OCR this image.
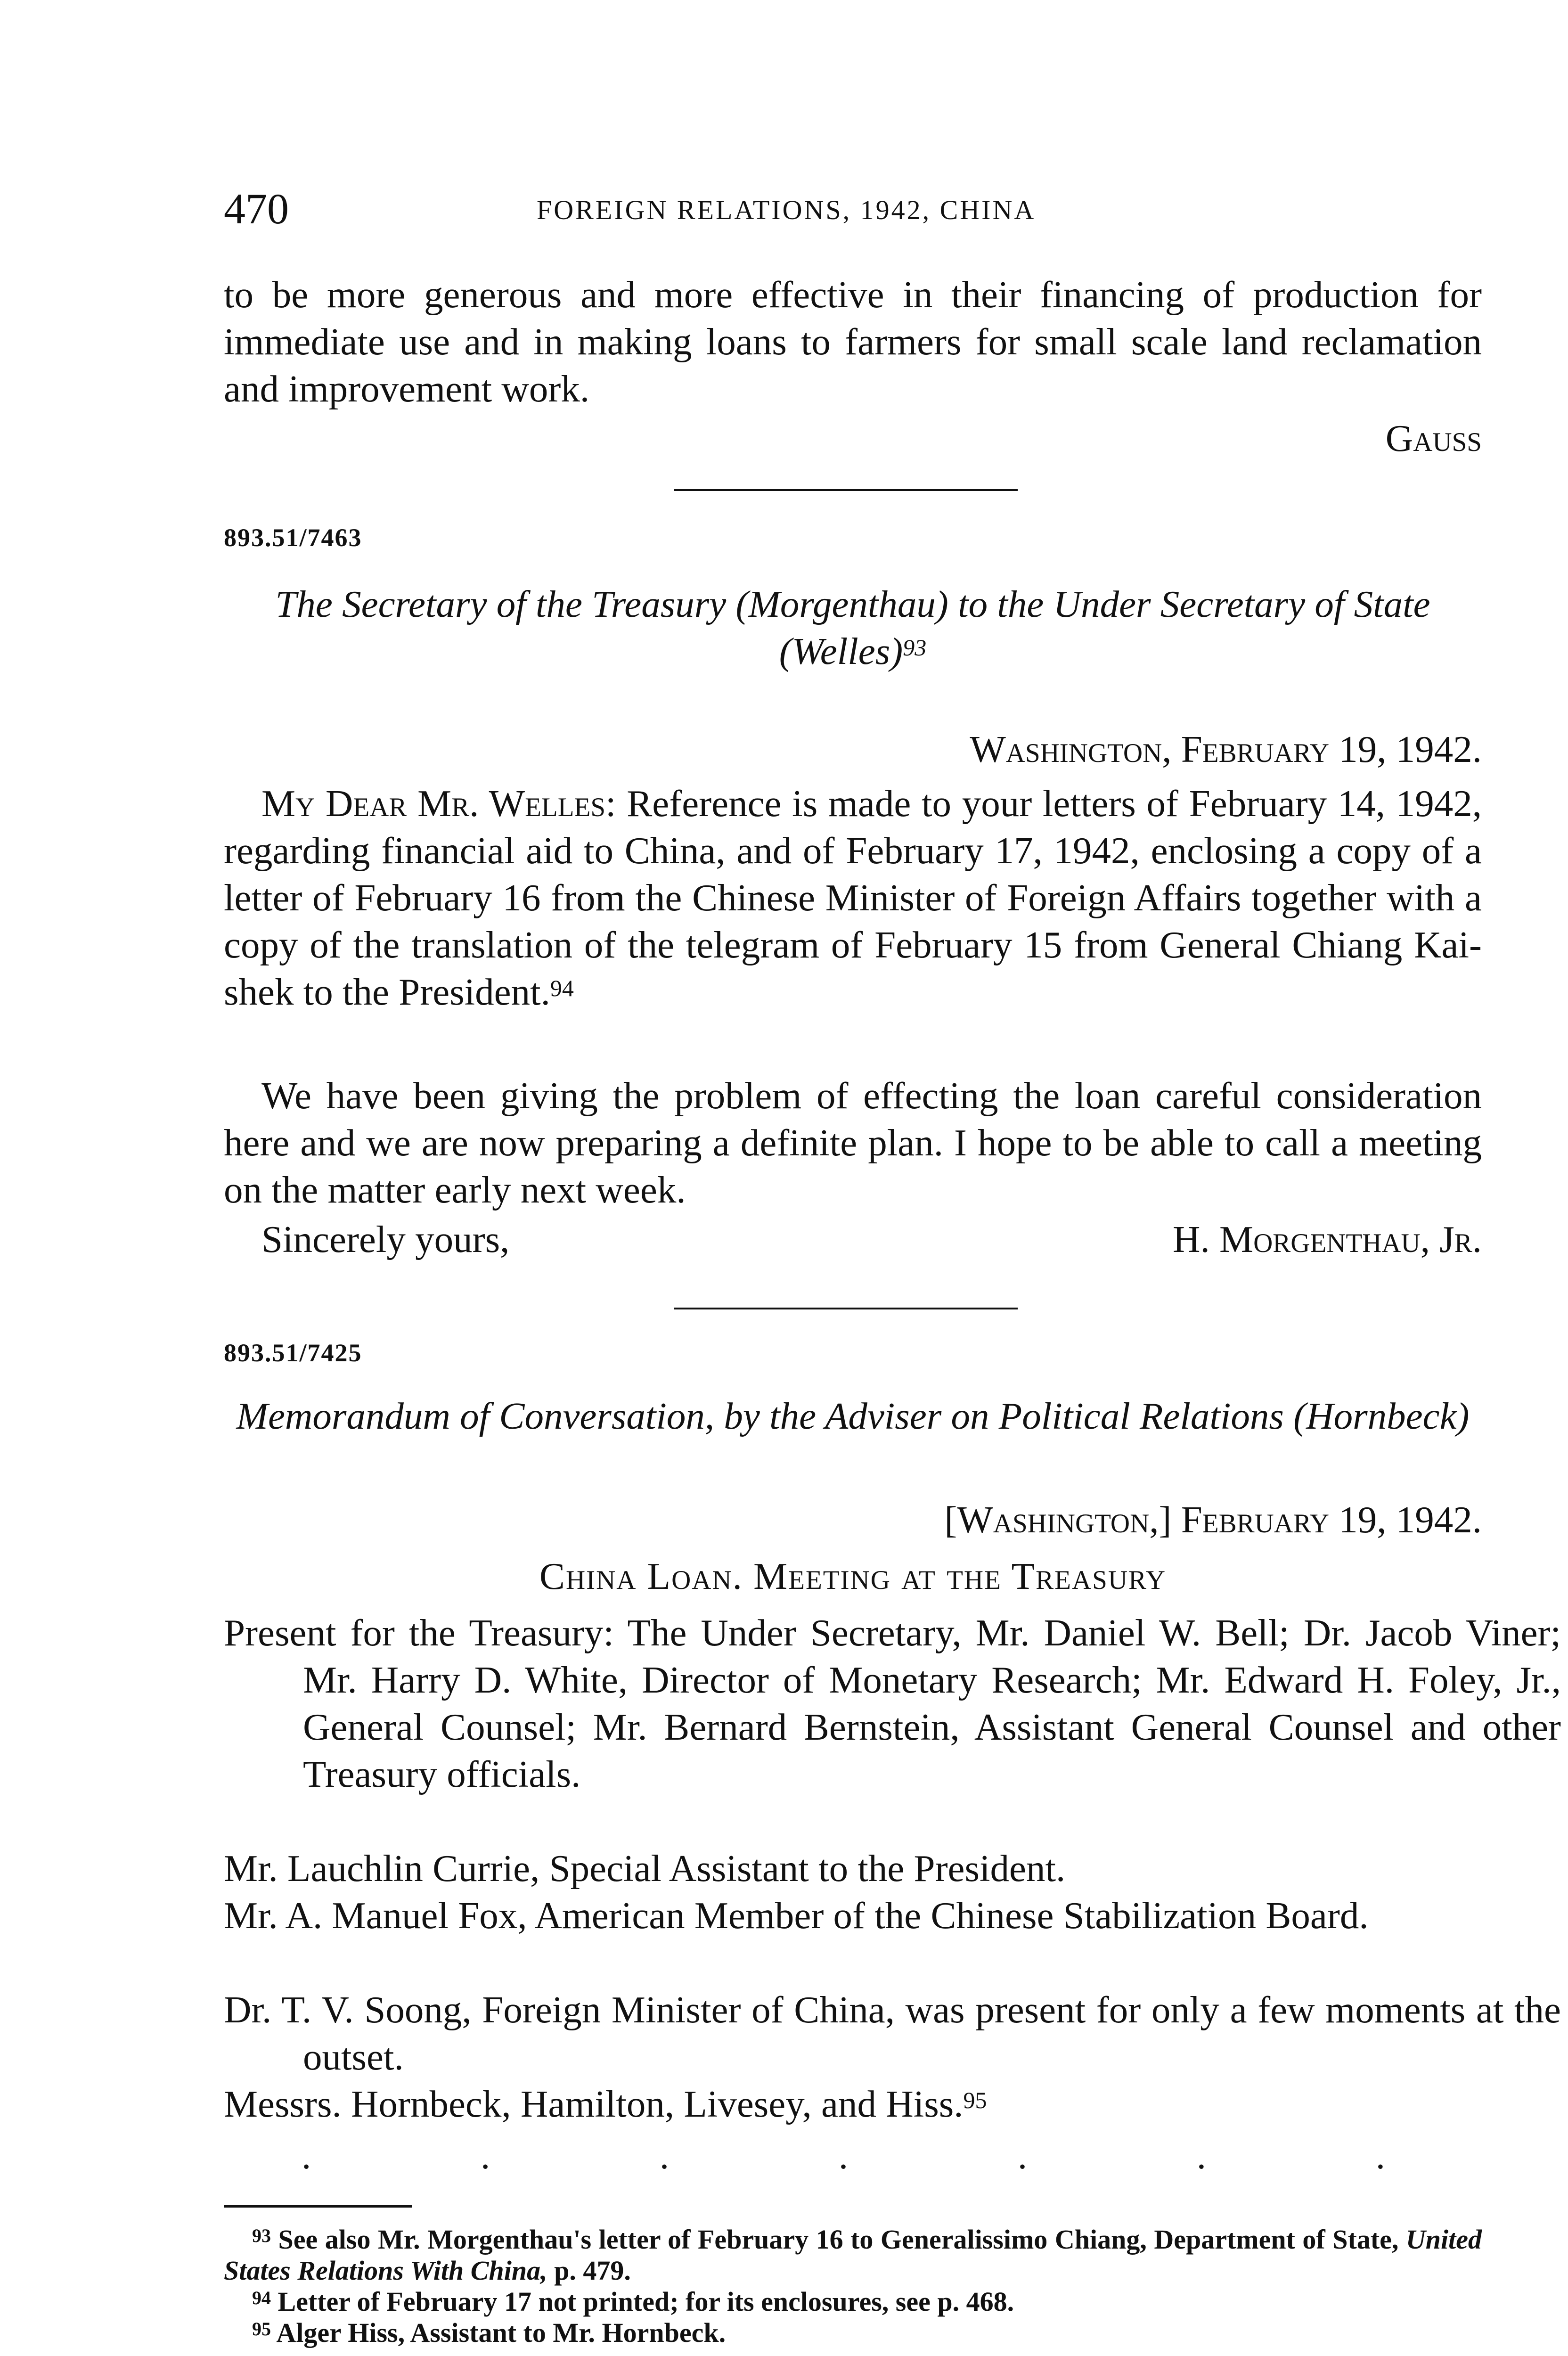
470	FOREIGN RELATIONS, 1942, CHINA
to be more generous and more effective in their financing of production for immediate use and in making loans to farmers for small scale land reclamation and improvement work.
Gauss
893.51/7463
The Secretary of the Treasury (Morgenthau) to the Under Secretary of State (Welles)$^{93}$
Washington, February 19, 1942.
My Dear Mr. Welles: Reference is made to your letters of February 14, 1942, regarding financial aid to China, and of February 17, 1942, enclosing a copy of a letter of February 16 from the Chinese Minister of Foreign Affairs together with a copy of the translation of the telegram of February 15 from General Chiang Kai-shek to the President.$^{94}$
We have been giving the problem of effecting the loan careful consideration here and we are now preparing a definite plan. I hope to be able to call a meeting on the matter early next week.
Sincerely yours,	H. Morgenthau, Jr.
893.51/7425
Memorandum of Conversation, by the Adviser on Political Relations (Hornbeck)
[Washington,] February 19, 1942.
China Loan. Meeting at the Treasury
Present for the Treasury: The Under Secretary, Mr. Daniel W. Bell; Dr. Jacob Viner; Mr. Harry D. White, Director of Monetary Research; Mr. Edward H. Foley, Jr., General Counsel; Mr. Bernard Bernstein, Assistant General Counsel and other Treasury officials.
Mr. Lauchlin Currie, Special Assistant to the President.
Mr. A. Manuel Fox, American Member of the Chinese Stabilization Board.
Dr. T. V. Soong, Foreign Minister of China, was present for only a few moments at the outset.
Messrs. Hornbeck, Hamilton, Livesey, and Hiss.$^{95}$
.	.	.	.	.	.	.
$^{93}$ See also Mr. Morgenthau's letter of February 16 to Generalissimo Chiang, Department of State, United States Relations With China, p. 479.
$^{94}$ Letter of February 17 not printed; for its enclosures, see p. 468.
$^{95}$ Alger Hiss, Assistant to Mr. Hornbeck.
